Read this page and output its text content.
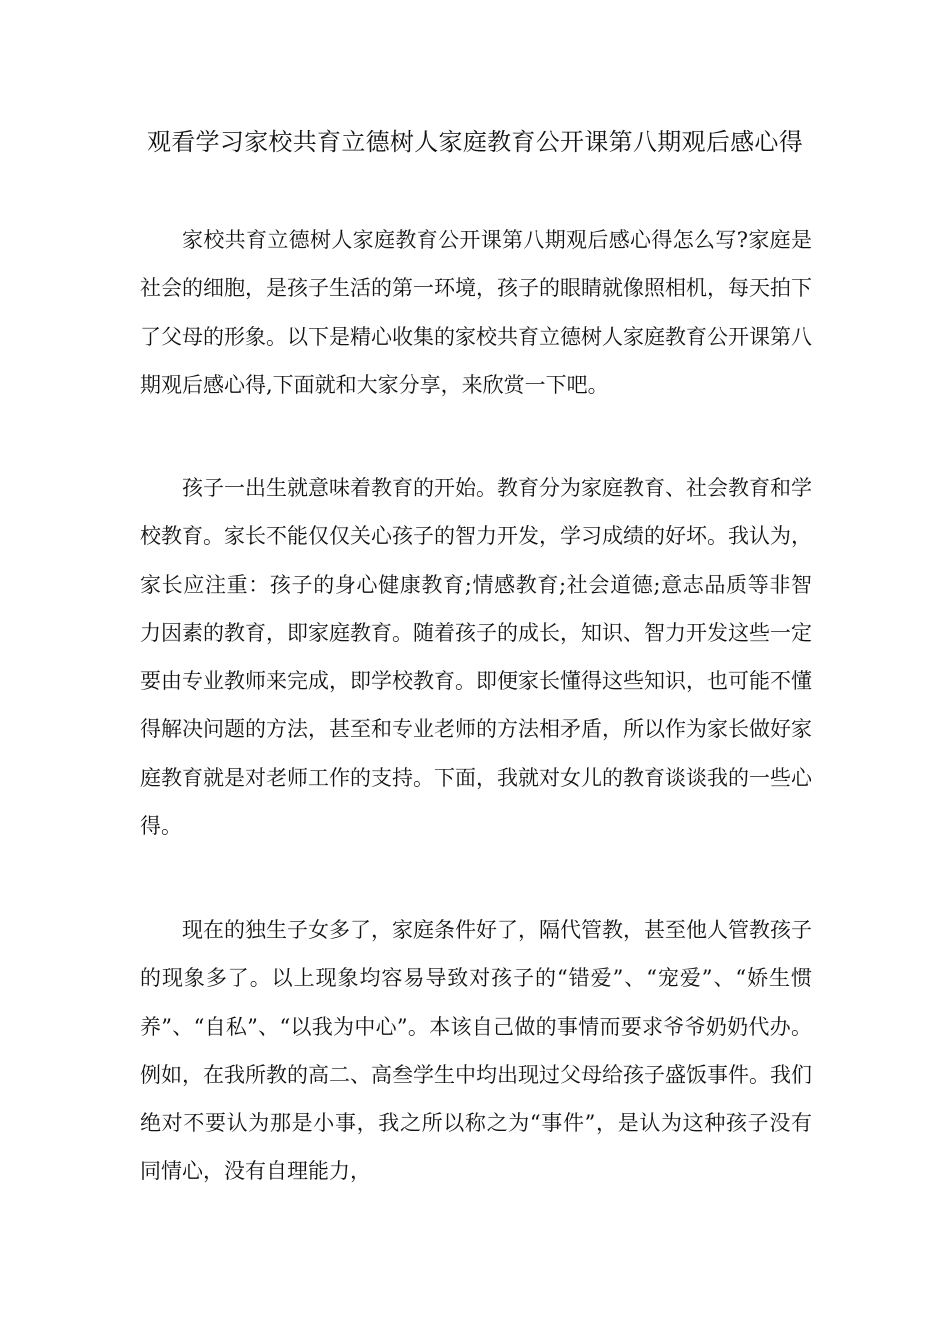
观看学习家校共育立德树人家庭教育公开课第八期观后感心得

家校共育立德树人家庭教育公开课第八期观后感心得怎么写?家庭是社会的细胞，是孩子生活的第一环境，孩子的眼睛就像照相机，每天拍下了父母的形象。以下是精心收集的家校共育立德树人家庭教育公开课第八期观后感心得,下面就和大家分享，来欣赏一下吧。

孩子一出生就意味着教育的开始。教育分为家庭教育、社会教育和学校教育。家长不能仅仅关心孩子的智力开发，学习成绩的好坏。我认为，家长应注重：孩子的身心健康教育;情感教育;社会道德;意志品质等非智力因素的教育，即家庭教育。随着孩子的成长，知识、智力开发这些一定要由专业教师来完成，即学校教育。即便家长懂得这些知识，也可能不懂得解决问题的方法，甚至和专业老师的方法相矛盾，所以作为家长做好家庭教育就是对老师工作的支持。下面，我就对女儿的教育谈谈我的一些心得。

现在的独生子女多了，家庭条件好了，隔代管教，甚至他人管教孩子的现象多了。以上现象均容易导致对孩子的“错爱”、“宠爱”、“娇生惯养”、“自私”、“以我为中心”。本该自己做的事情而要求爷爷奶奶代办。例如，在我所教的高二、高叁学生中均出现过父母给孩子盛饭事件。我们绝对不要认为那是小事，我之所以称之为“事件”，是认为这种孩子没有同情心，没有自理能力，
